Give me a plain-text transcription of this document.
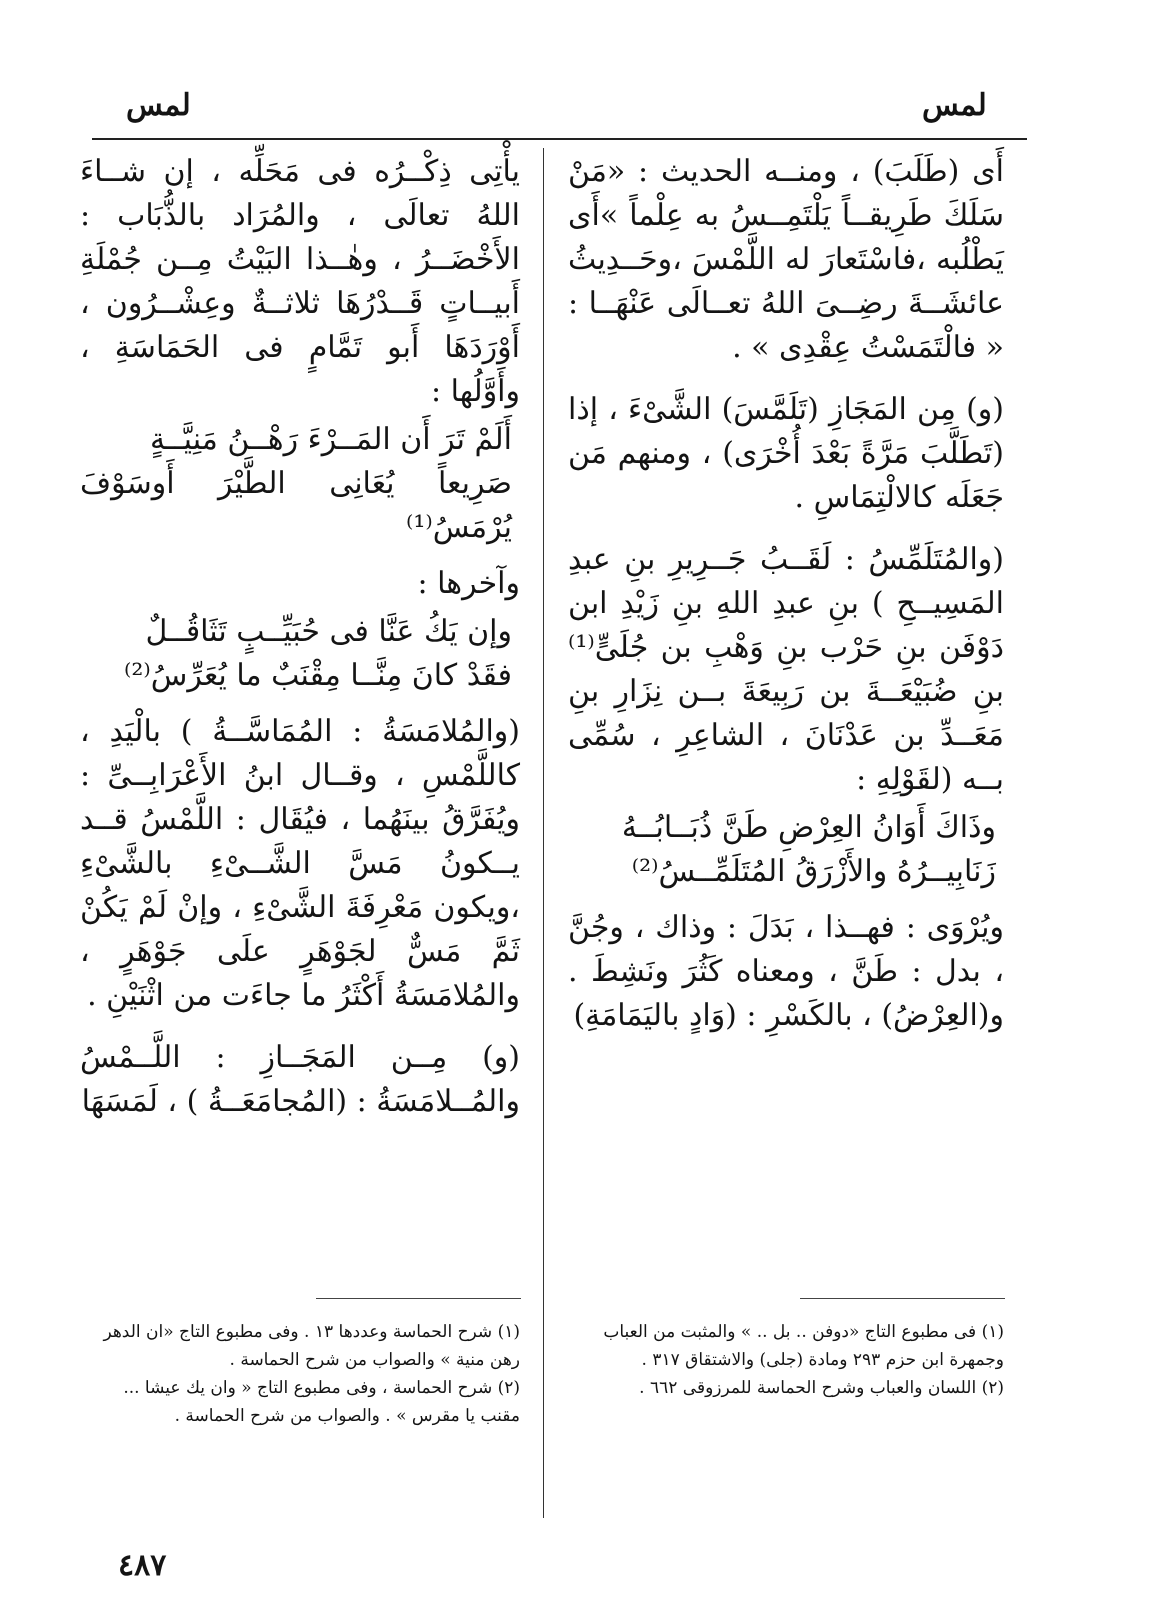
لمس
لمس

أَى (طَلَبَ) ، ومنــه الحديث : «مَنْ سَلَكَ طَرِيقــاً يَلْتَمِــسُ به عِلْماً »أَى يَطْلُبه ،فاسْتَعارَ له اللَّمْسَ ،وحَــدِيثُ عائشَــةَ رضِــىَ اللهُ تعــالَى عَنْهَــا : « فالْتَمَسْتُ عِقْدِى » .

(و) مِن المَجَازِ (تَلَمَّسَ) الشَّىْءَ ، إذا (تَطَلَّبَ مَرَّةً بَعْدَ أُخْرَى) ، ومنهم مَن جَعَلَه كالالْتِمَاسِ .

(والمُتَلَمِّسُ : لَقَــبُ جَــرِيرِ بنِ عبدِ المَسِيــحِ ) بنِ عبدِ اللهِ بنِ زَيْدِ ابن دَوْفَن بنِ حَرْب بنِ وَهْبِ بن جُلَىٍّ⁽¹⁾ بنِ ضُبَيْعَــةَ بن رَبِيعَةَ بــن نِزَارِ بنِ مَعَــدِّ بن عَدْنَانَ ، الشاعِرِ ، سُمِّى بــه (لقَوْلِهِ :

وذَاكَ أَوَانُ العِرْضِ طَنَّ ذُبَــابُــهُ
زَنَابِيــرُهُ والأَزْرَقُ المُتَلَمِّــسُ⁽²⁾

ويُرْوَى : فهــذا ، بَدَلَ : وذاك ، وجُنَّ ، بدل : طَنَّ ، ومعناه كَثُرَ ونَشِطَ . و(العِرْضُ) ، بالكَسْرِ : (وَادٍ باليَمَامَةِ)

يأْتِى ذِكْــرُه فى مَحَلِّه ، إن شــاءَ اللهُ تعالَى ، والمُرَاد بالذُّبَاب : الأَخْضَــرُ ، وهٰــذا البَيْتُ مِــن جُمْلَةِ أَبيــاتٍ قَــدْرُهَا ثلاثــةٌ وعِشْــرُون ، أَوْرَدَهَا أَبو تَمَّامٍ فى الحَمَاسَةِ ، وأَوَّلُها :

أَلَمْ تَرَ أَن المَــرْءَ رَهْــنُ مَنِيَّــةٍ
صَرِيعاً يُعَانِى الطَّيْرَ أَوسَوْفَ يُرْمَسُ⁽¹⁾

وآخرها :

وإن يَكُ عَنَّا فى حُبَيِّــبٍ تَثَاقُــلٌ
فقَدْ كانَ مِنَّــا مِقْنَبٌ ما يُعَرِّسُ⁽²⁾

(والمُلامَسَةُ : المُمَاسَّــةُ ) بالْيَدِ ، كاللَّمْسِ ، وقــال ابنُ الأَعْرَابِــىِّ : ويُفَرَّقُ بينَهُما ، فيُقَال : اللَّمْسُ قــد يــكونُ مَسَّ الشَّــىْءِ بالشَّىْءِ ،ويكون مَعْرِفَةَ الشَّىْءِ ، وإنْ لَمْ يَكُنْ ثَمَّ مَسٌّ لجَوْهَرٍ علَى جَوْهَرٍ ، والمُلامَسَةُ أَكْثَرُ ما جاءَت من اثْنَيْنِ .

(و) مِــن المَجَــازِ : اللَّــمْسُ والمُــلامَسَةُ : (المُجامَعَــةُ ) ، لَمَسَهَا

(١) فى مطبوع التاج «دوفن .. بل .. » والمثبت من العباب وجمهرة ابن حزم ٢٩٣ ومادة (جلى) والاشتقاق ٣١٧ .

(٢) اللسان والعباب وشرح الحماسة للمرزوقى ٦٦٢ .

(١) شرح الحماسة وعددها ١٣ . وفى مطبوع التاج «ان الدهر رهن منية » والصواب من شرح الحماسة .

(٢) شرح الحماسة ، وفى مطبوع التاج « وان يك عيشا ... مقنب يا مقرس » . والصواب من شرح الحماسة .

٤٨٧
